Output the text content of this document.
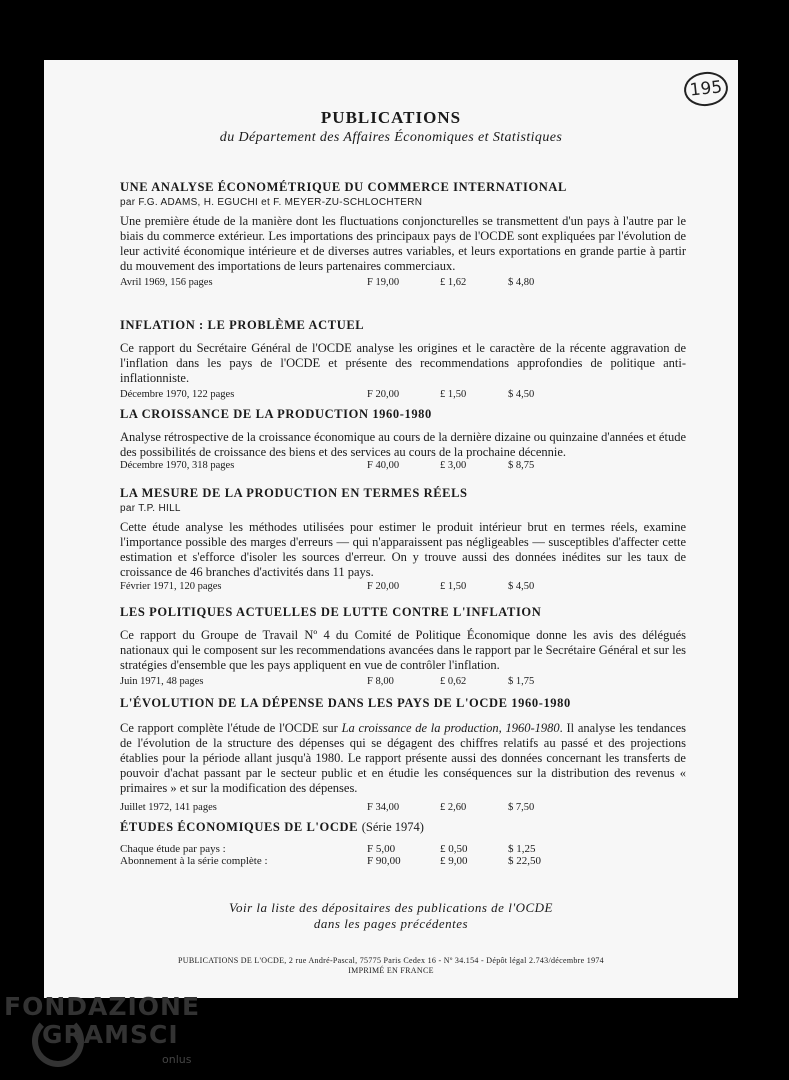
195
PUBLICATIONS
du Département des Affaires Économiques et Statistiques
UNE ANALYSE ÉCONOMÉTRIQUE DU COMMERCE INTERNATIONAL
par F.G. ADAMS, H. EGUCHI et F. MEYER-ZU-SCHLOCHTERN
Une première étude de la manière dont les fluctuations conjoncturelles se transmettent d'un pays à l'autre par le biais du commerce extérieur. Les importations des principaux pays de l'OCDE sont expliquées par l'évolution de leur activité économique intérieure et de diverses autres variables, et leurs exportations en grande partie à partir du mouvement des importations de leurs partenaires commerciaux.
Avril 1969, 156 pages	F 19,00	£ 1,62	$ 4,80
INFLATION : LE PROBLÈME ACTUEL
Ce rapport du Secrétaire Général de l'OCDE analyse les origines et le caractère de la récente aggravation de l'inflation dans les pays de l'OCDE et présente des recommendations approfondies de politique anti-inflationniste.
Décembre 1970, 122 pages	F 20,00	£ 1,50	$ 4,50
LA CROISSANCE DE LA PRODUCTION 1960-1980
Analyse rétrospective de la croissance économique au cours de la dernière dizaine ou quinzaine d'années et étude des possibilités de croissance des biens et des services au cours de la prochaine décennie.
Décembre 1970, 318 pages	F 40,00	£ 3,00	$ 8,75
LA MESURE DE LA PRODUCTION EN TERMES RÉELS
par T.P. HILL
Cette étude analyse les méthodes utilisées pour estimer le produit intérieur brut en termes réels, examine l'importance possible des marges d'erreurs — qui n'apparaissent pas négligeables — susceptibles d'affecter cette estimation et s'efforce d'isoler les sources d'erreur. On y trouve aussi des données inédites sur les taux de croissance de 46 branches d'activités dans 11 pays.
Février 1971, 120 pages	F 20,00	£ 1,50	$ 4,50
LES POLITIQUES ACTUELLES DE LUTTE CONTRE L'INFLATION
Ce rapport du Groupe de Travail Nº 4 du Comité de Politique Économique donne les avis des délégués nationaux qui le composent sur les recommendations avancées dans le rapport par le Secrétaire Général et sur les stratégies d'ensemble que les pays appliquent en vue de contrôler l'inflation.
Juin 1971, 48 pages	F 8,00	£ 0,62	$ 1,75
L'ÉVOLUTION DE LA DÉPENSE DANS LES PAYS DE L'OCDE 1960-1980
Ce rapport complète l'étude de l'OCDE sur La croissance de la production, 1960-1980. Il analyse les tendances de l'évolution de la structure des dépenses qui se dégagent des chiffres relatifs au passé et des projections établies pour la période allant jusqu'à 1980. Le rapport présente aussi des données concernant les transferts de pouvoir d'achat passant par le secteur public et en étudie les conséquences sur la distribution des revenus « primaires » et sur la modification des dépenses.
Juillet 1972, 141 pages	F 34,00	£ 2,60	$ 7,50
ÉTUDES ÉCONOMIQUES DE L'OCDE (Série 1974)
Chaque étude par pays :	F 5,00	£ 0,50	$ 1,25
Abonnement à la série complète :	F 90,00	£ 9,00	$ 22,50
Voir la liste des dépositaires des publications de l'OCDE
dans les pages précédentes
PUBLICATIONS DE L'OCDE, 2 rue André-Pascal, 75775 Paris Cedex 16 - Nº 34.154 - Dépôt légal 2.743/décembre 1974
IMPRIMÉ EN FRANCE
FONDAZIONE
GRAMSCI
onlus
